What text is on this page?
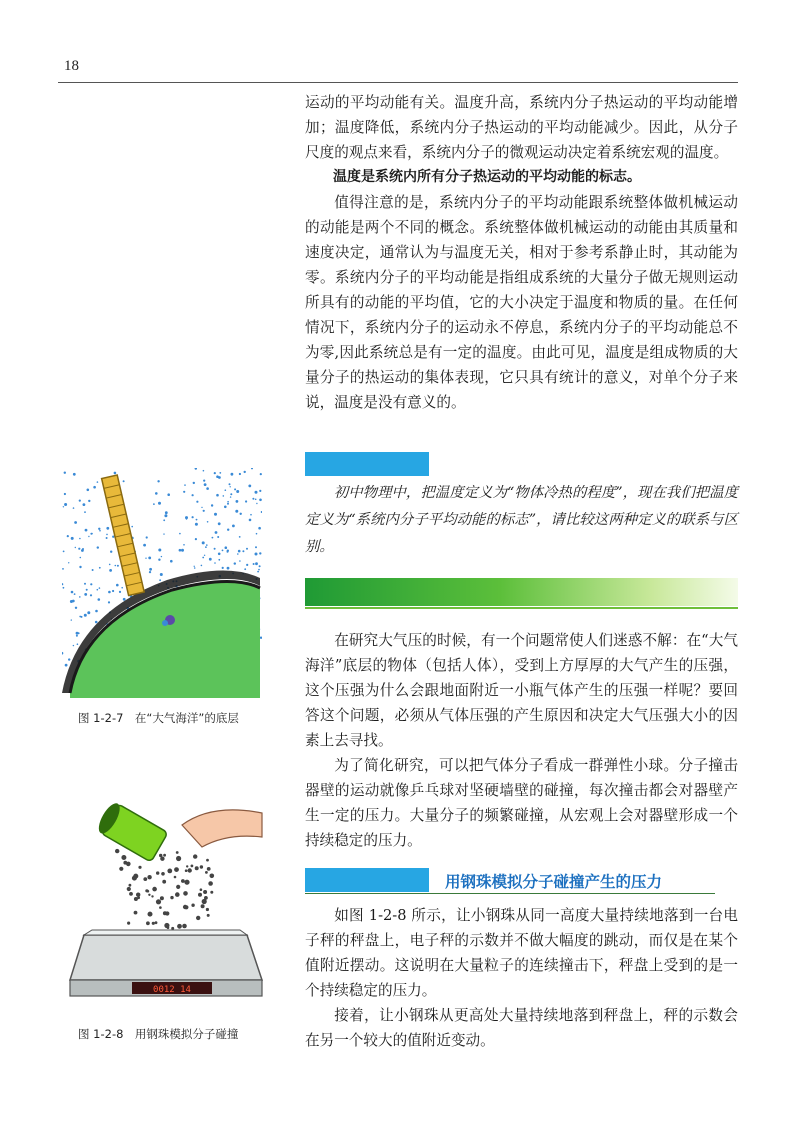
18

运动的平均动能有关。温度升高，系统内分子热运动的平均动能增加；温度降低，系统内分子热运动的平均动能减少。因此，从分子尺度的观点来看，系统内分子的微观运动决定着系统宏观的温度。

温度是系统内所有分子热运动的平均动能的标志。

值得注意的是，系统内分子的平均动能跟系统整体做机械运动的动能是两个不同的概念。系统整体做机械运动的动能由其质量和速度决定，通常认为与温度无关，相对于参考系静止时，其动能为零。系统内分子的平均动能是指组成系统的大量分子做无规则运动所具有的动能的平均值，它的大小决定于温度和物质的量。在任何情况下，系统内分子的运动永不停息，系统内分子的平均动能总不为零,因此系统总是有一定的温度。由此可见，温度是组成物质的大量分子的热运动的集体表现，它只具有统计的意义，对单个分子来说，温度是没有意义的。

初中物理中，把温度定义为“物体冷热的程度”，现在我们把温度定义为“系统内分子平均动能的标志”，请比较这两种定义的联系与区别。

在研究大气压的时候，有一个问题常使人们迷惑不解：在“大气海洋”底层的物体（包括人体），受到上方厚厚的大气产生的压强，这个压强为什么会跟地面附近一小瓶气体产生的压强一样呢？要回答这个问题，必须从气体压强的产生原因和决定大气压强大小的因素上去寻找。

为了简化研究，可以把气体分子看成一群弹性小球。分子撞击器壁的运动就像乒乓球对坚硬墙壁的碰撞，每次撞击都会对器壁产生一定的压力。大量分子的频繁碰撞，从宏观上会对器壁形成一个持续稳定的压力。

用钢珠模拟分子碰撞产生的压力

如图 1-2-8 所示，让小钢珠从同一高度大量持续地落到一台电子秤的秤盘上，电子秤的示数并不做大幅度的跳动，而仅是在某个值附近摆动。这说明在大量粒子的连续撞击下，秤盘上受到的是一个持续稳定的压力。

接着，让小钢珠从更高处大量持续地落到秤盘上，秤的示数会在另一个较大的值附近变动。

图 1-2-7　在“大气海洋”的底层
0012 14
图 1-2-8　用钢珠模拟分子碰撞
